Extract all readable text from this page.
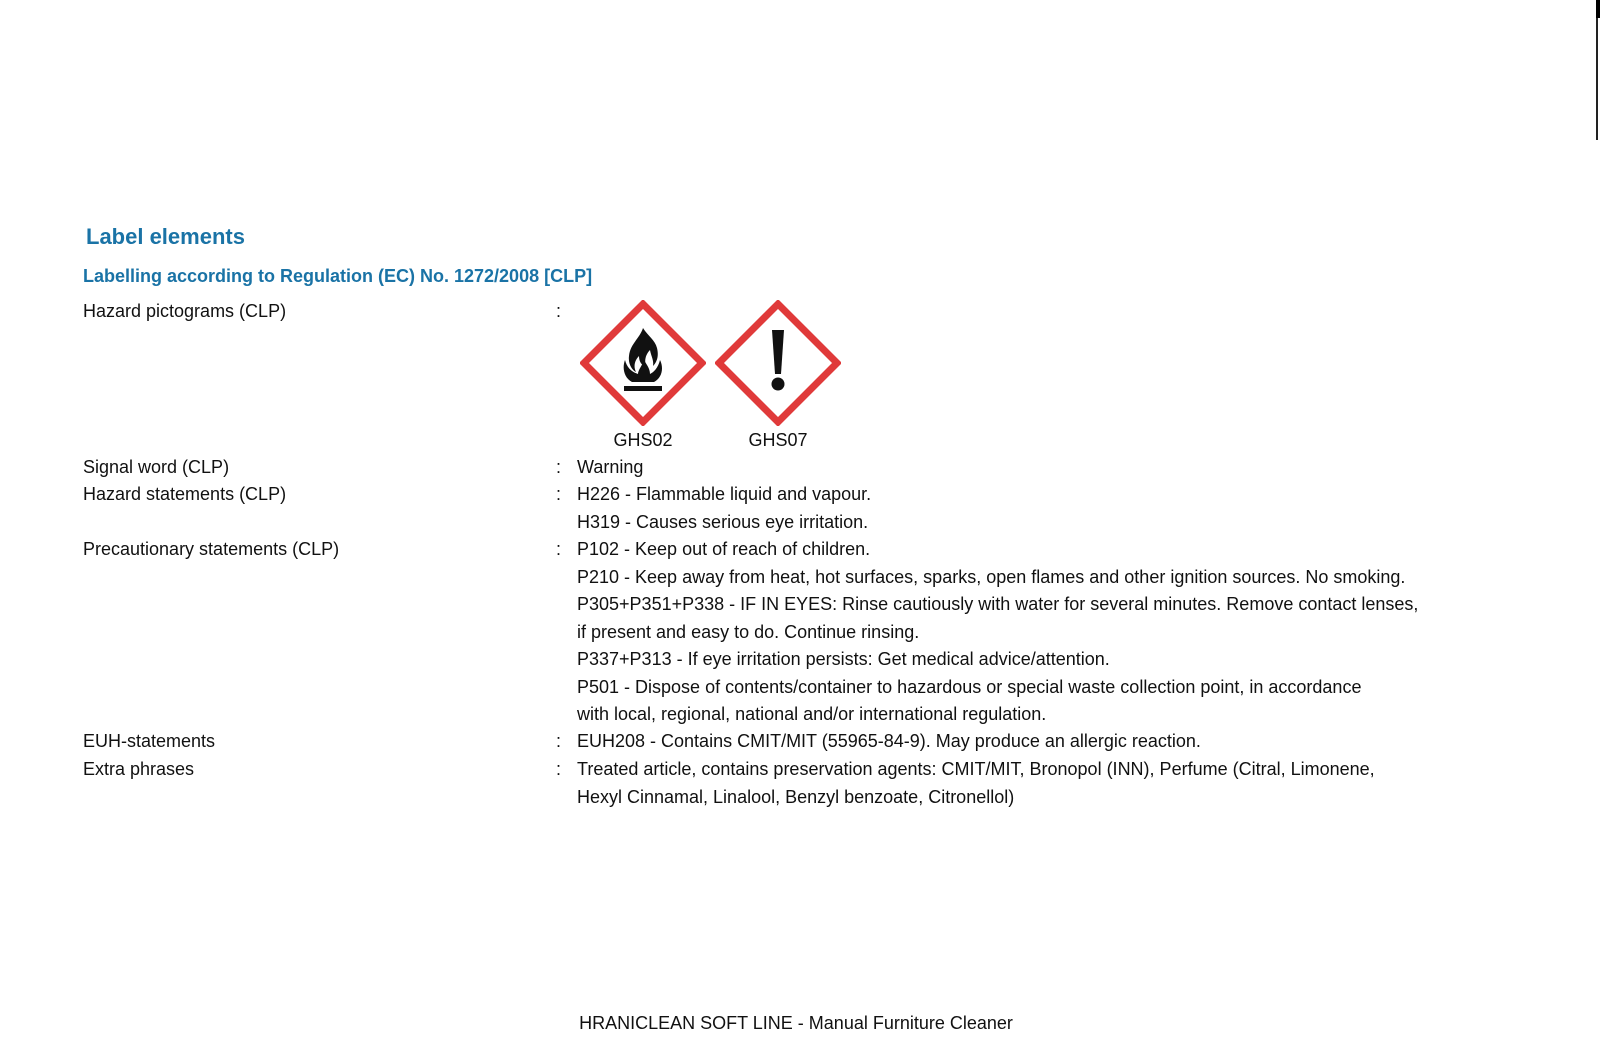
Label elements
Labelling according to Regulation (EC) No. 1272/2008 [CLP]
Hazard pictograms (CLP)	:
GHS02	GHS07
Signal word (CLP)	: Warning
Hazard statements (CLP)	: H226 - Flammable liquid and vapour.
H319 - Causes serious eye irritation.
Precautionary statements (CLP)	: P102 - Keep out of reach of children.
P210 - Keep away from heat, hot surfaces, sparks, open flames and other ignition sources. No smoking.
P305+P351+P338 - IF IN EYES: Rinse cautiously with water for several minutes. Remove contact lenses,
if present and easy to do. Continue rinsing.
P337+P313 - If eye irritation persists: Get medical advice/attention.
P501 - Dispose of contents/container to hazardous or special waste collection point, in accordance
with local, regional, national and/or international regulation.
EUH-statements	: EUH208 - Contains CMIT/MIT (55965-84-9). May produce an allergic reaction.
Extra phrases	: Treated article, contains preservation agents: CMIT/MIT, Bronopol (INN), Perfume (Citral, Limonene,
Hexyl Cinnamal, Linalool, Benzyl benzoate, Citronellol)
HRANICLEAN SOFT LINE - Manual Furniture Cleaner
